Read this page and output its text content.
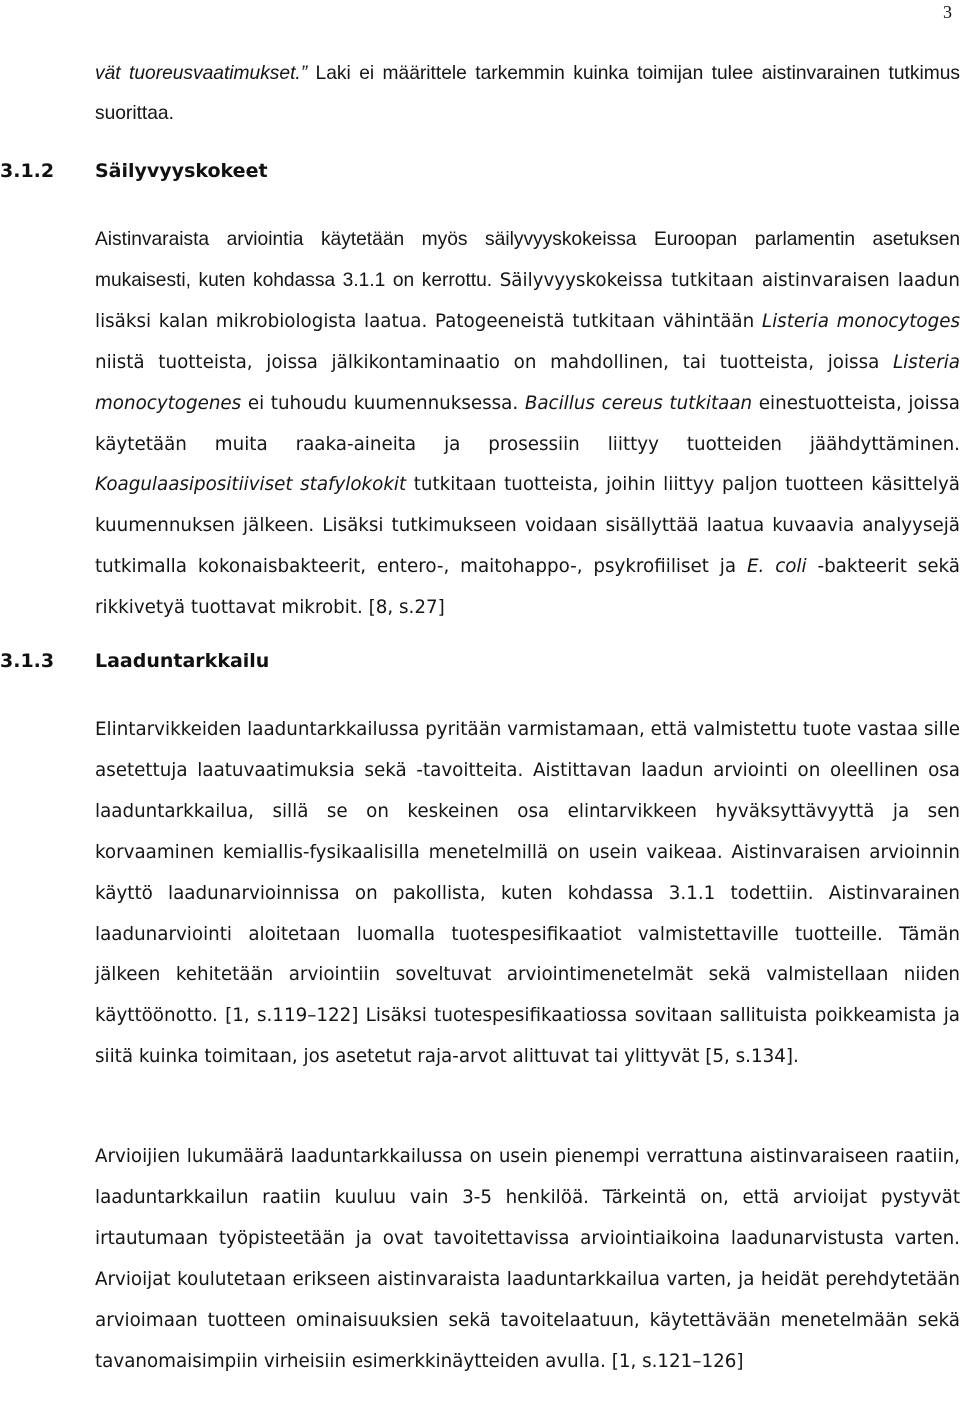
3

vät tuoreusvaatimukset.” Laki ei määrittele tarkemmin kuinka toimijan tulee aistinvarainen tutkimus suorittaa.

3.1.2 Säilyvyyskokeet

Aistinvaraista arviointia käytetään myös säilyvyyskokeissa Euroopan parlamentin asetuksen mukaisesti, kuten kohdassa 3.1.1 on kerrottu. Säilyvyyskokeissa tutkitaan aistinvaraisen laadun lisäksi kalan mikrobiologista laatua. Patogeeneistä tutkitaan vähintään Listeria monocytoges niistä tuotteista, joissa jälkikontaminaatio on mahdollinen, tai tuotteista, joissa Listeria monocytogenes ei tuhoudu kuumennuksessa. Bacillus cereus tutkitaan einestuotteista, joissa käytetään muita raaka-aineita ja prosessiin liittyy tuotteiden jäähdyttäminen. Koagulaasipositiiviset stafylokokit tutkitaan tuotteista, joihin liittyy paljon tuotteen käsittelyä kuumennuksen jälkeen. Lisäksi tutkimukseen voidaan sisällyttää laatua kuvaavia analyysejä tutkimalla kokonaisbakteerit, entero-, maitohappo-, psykrofiiliset ja E. coli -bakteerit sekä rikkivetyä tuottavat mikrobit. [8, s.27]

3.1.3 Laaduntarkkailu

Elintarvikkeiden laaduntarkkailussa pyritään varmistamaan, että valmistettu tuote vastaa sille asetettuja laatuvaatimuksia sekä -tavoitteita. Aistittavan laadun arviointi on oleellinen osa laaduntarkkailua, sillä se on keskeinen osa elintarvikkeen hyväksyttävyyttä ja sen korvaaminen kemiallis-fysikaalisilla menetelmillä on usein vaikeaa. Aistinvaraisen arvioinnin käyttö laadunarvioinnissa on pakollista, kuten kohdassa 3.1.1 todettiin. Aistinvarainen laadunarviointi aloitetaan luomalla tuotespesifikaatiot valmistettaville tuotteille. Tämän jälkeen kehitetään arviointiin soveltuvat arviointimenetelmät sekä valmistellaan niiden käyttöönotto. [1, s.119–122] Lisäksi tuotespesifikaatiossa sovitaan sallituista poikkeamista ja siitä kuinka toimitaan, jos asetetut raja-arvot alittuvat tai ylittyvät [5, s.134].

Arvioijien lukumäärä laaduntarkkailussa on usein pienempi verrattuna aistinvaraiseen raatiin, laaduntarkkailun raatiin kuuluu vain 3-5 henkilöä. Tärkeintä on, että arvioijat pystyvät irtautumaan työpisteetään ja ovat tavoitettavissa arviointiaikoina laadunarvistusta varten. Arvioijat koulutetaan erikseen aistinvaraista laaduntarkkailua varten, ja heidät perehdytetään arvioimaan tuotteen ominaisuuksien sekä tavoitelaatuun, käytettävään menetelmään sekä tavanomaisimpiin virheisiin esimerkkinäytteiden avulla. [1, s.121–126]
